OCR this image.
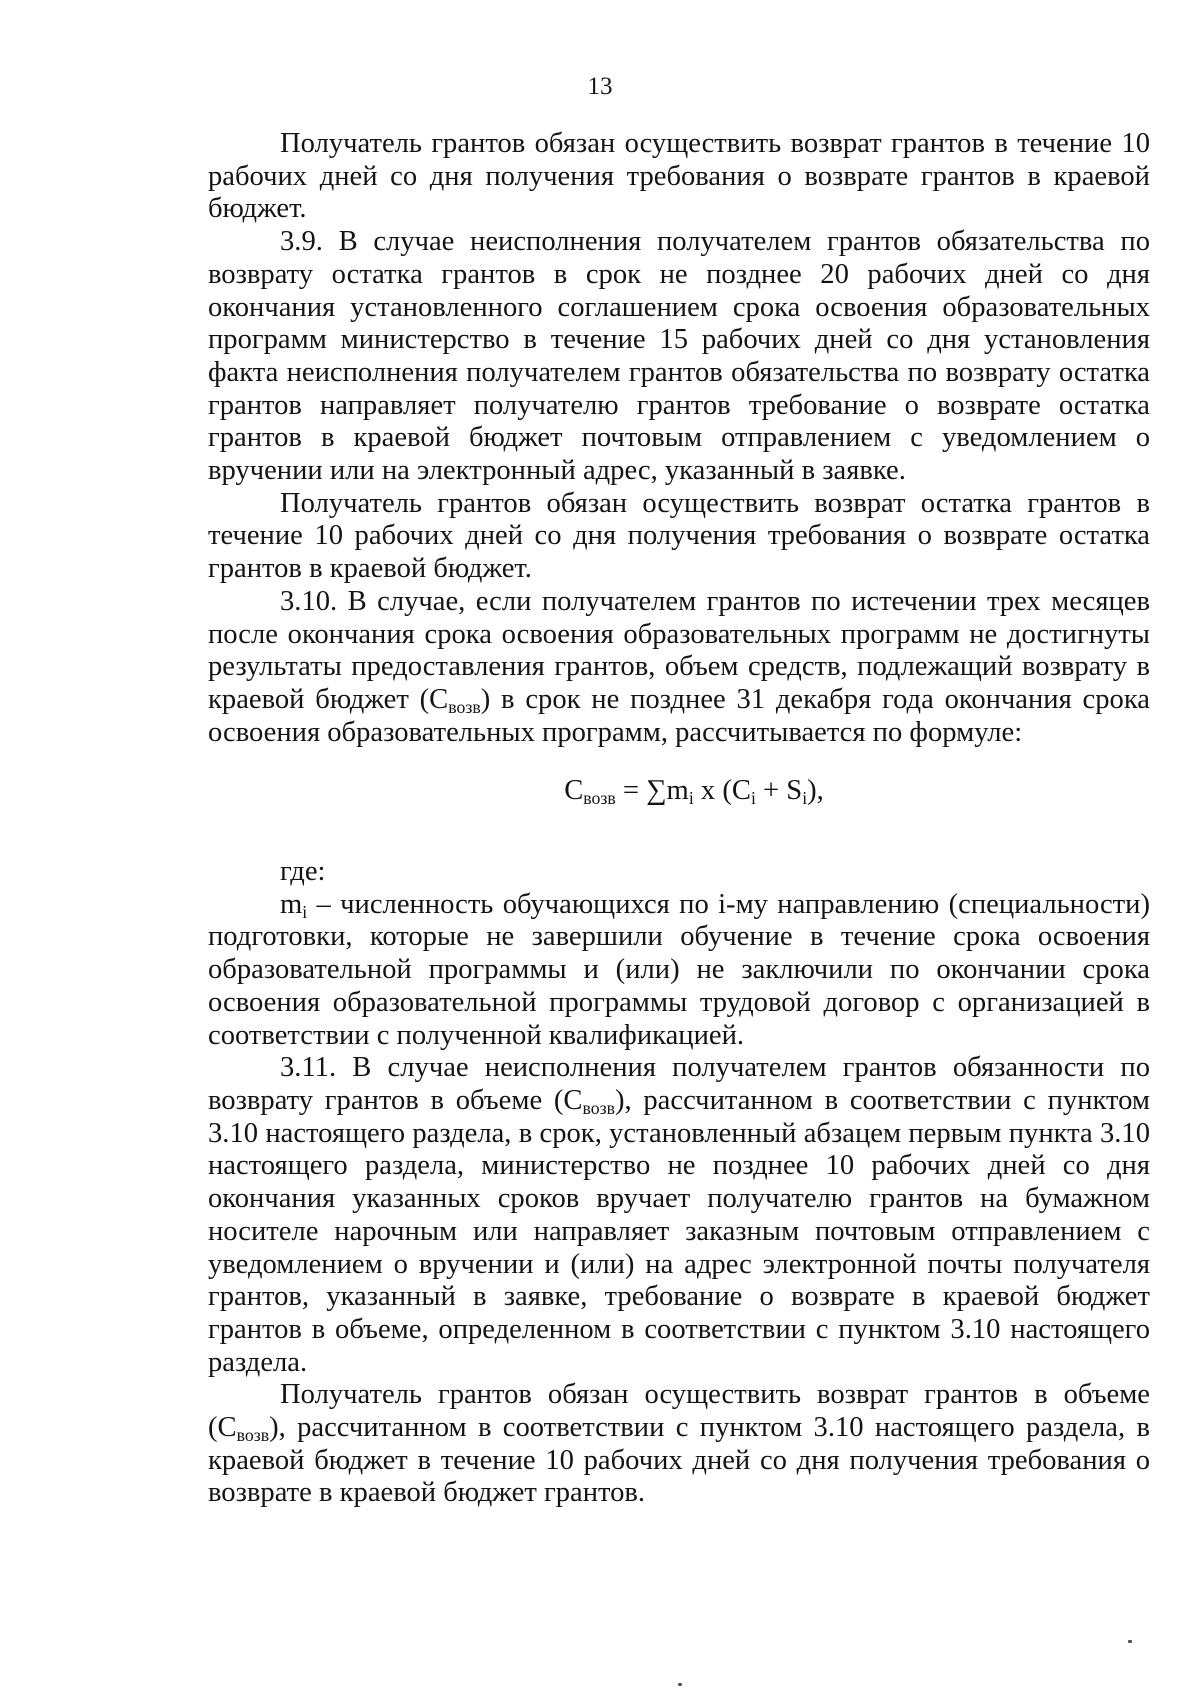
13

Получатель грантов обязан осуществить возврат грантов в течение 10 рабочих дней со дня получения требования о возврате грантов в краевой бюджет.

3.9. В случае неисполнения получателем грантов обязательства по возврату остатка грантов в срок не позднее 20 рабочих дней со дня окончания установленного соглашением срока освоения образовательных программ министерство в течение 15 рабочих дней со дня установления факта неисполнения получателем грантов обязательства по возврату остатка грантов направляет получателю грантов требование о возврате остатка грантов в краевой бюджет почтовым отправлением с уведомлением о вручении или на электронный адрес, указанный в заявке.

Получатель грантов обязан осуществить возврат остатка грантов в течение 10 рабочих дней со дня получения требования о возврате остатка грантов в краевой бюджет.

3.10. В случае, если получателем грантов по истечении трех месяцев после окончания срока освоения образовательных программ не достигнуты результаты предоставления грантов, объем средств, подлежащий возврату в краевой бюджет $(С_{возв})$ в срок не позднее 31 декабря года окончания срока освоения образовательных программ, рассчитывается по формуле:

$С_{возв} = \sum m_i$ x $(C_i + S_i)$,

где:

$m_i$ – численность обучающихся по i-му направлению (специальности) подготовки, которые не завершили обучение в течение срока освоения образовательной программы и (или) не заключили по окончании срока освоения образовательной программы трудовой договор с организацией в соответствии с полученной квалификацией.

3.11. В случае неисполнения получателем грантов обязанности по возврату грантов в объеме $(С_{возв})$, рассчитанном в соответствии с пунктом 3.10 настоящего раздела, в срок, установленный абзацем первым пункта 3.10 настоящего раздела, министерство не позднее 10 рабочих дней со дня окончания указанных сроков вручает получателю грантов на бумажном носителе нарочным или направляет заказным почтовым отправлением с уведомлением о вручении и (или) на адрес электронной почты получателя грантов, указанный в заявке, требование о возврате в краевой бюджет грантов в объеме, определенном в соответствии с пунктом 3.10 настоящего раздела.

Получатель грантов обязан осуществить возврат грантов в объеме $(С_{возв})$, рассчитанном в соответствии с пунктом 3.10 настоящего раздела, в краевой бюджет в течение 10 рабочих дней со дня получения требования о возврате в краевой бюджет грантов.
